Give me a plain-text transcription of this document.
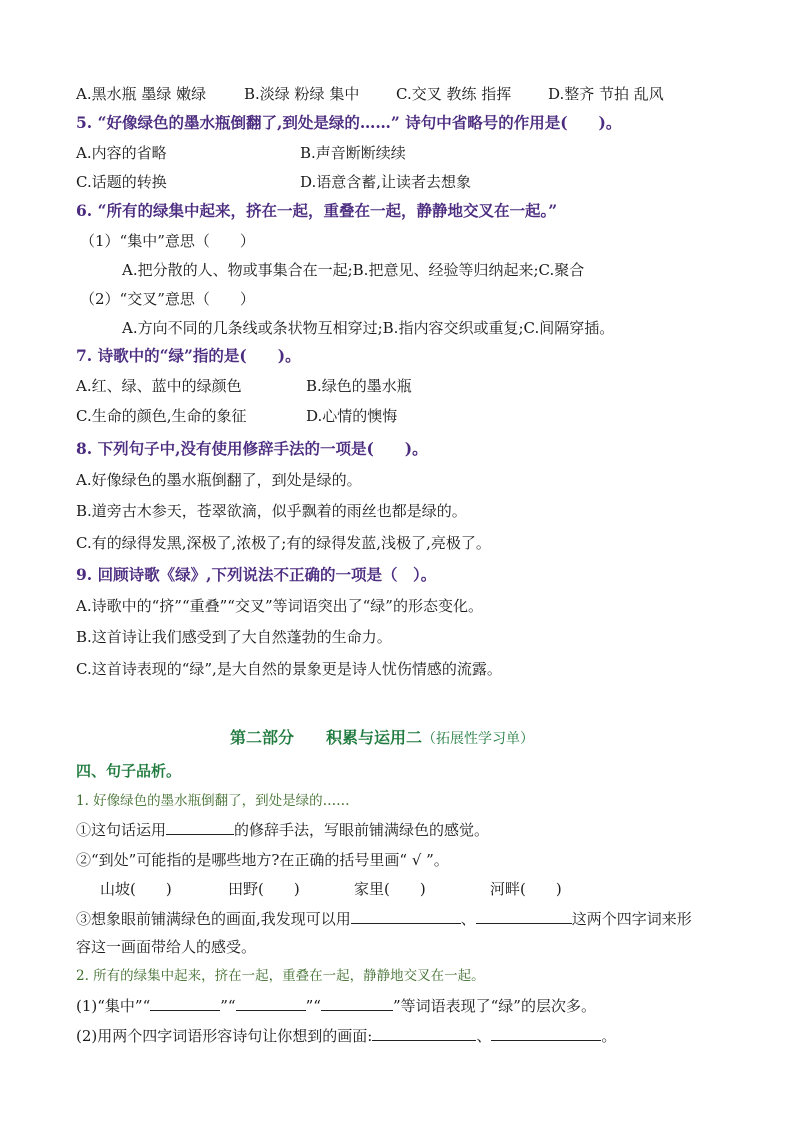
A.黑水瓶 墨绿 嫩绿	B.淡绿 粉绿 集中 C.交叉 教练 指挥 D.整齐 节拍 乱风
5. “好像绿色的墨水瓶倒翻了,到处是绿的……” 诗句中省略号的作用是(　　)。
A.内容的省略	B.声音断断续续
C.话题的转换	D.语意含蓄,让读者去想象
6. “所有的绿集中起来，挤在一起，重叠在一起，静静地交叉在一起。”
（1）“集中”意思（　　）
A.把分散的人、物或事集合在一起;B.把意见、经验等归纳起来;C.聚合
（2）“交叉”意思（　　）
A.方向不同的几条线或条状物互相穿过;B.指内容交织或重复;C.间隔穿插。
7. 诗歌中的“绿”指的是(　　)。
A.红、绿、蓝中的绿颜色	B.绿色的墨水瓶
C.生命的颜色,生命的象征	D.心情的懊悔
8. 下列句子中,没有使用修辞手法的一项是(　　)。
A.好像绿色的墨水瓶倒翻了，到处是绿的。
B.道旁古木参天，苍翠欲滴，似乎飘着的雨丝也都是绿的。
C.有的绿得发黑,深极了,浓极了;有的绿得发蓝,浅极了,亮极了。
9. 回顾诗歌《绿》,下列说法不正确的一项是（　）。
A.诗歌中的“挤”“重叠”“交叉”等词语突出了“绿”的形态变化。
B.这首诗让我们感受到了大自然蓬勃的生命力。
C.这首诗表现的“绿”,是大自然的景象更是诗人忧伤情感的流露。
第二部分　　积累与运用二（拓展性学习单）
四、句子品析。
1. 好像绿色的墨水瓶倒翻了，到处是绿的……
①这句话运用	的修辞手法，写眼前铺满绿色的感觉。
②“到处”可能指的是哪些地方?在正确的括号里画“ √ ”。
山坡(　　)	田野(　　)	家里(　　)	河畔(　　)
③想象眼前铺满绿色的画面,我发现可以用	、	这两个四字词来形
容这一画面带给人的感受。
2. 所有的绿集中起来，挤在一起，重叠在一起，静静地交叉在一起。
(1)“集中”“	”“	”“	”等词语表现了“绿”的层次多。
(2)用两个四字词语形容诗句让你想到的画面:	、	。
